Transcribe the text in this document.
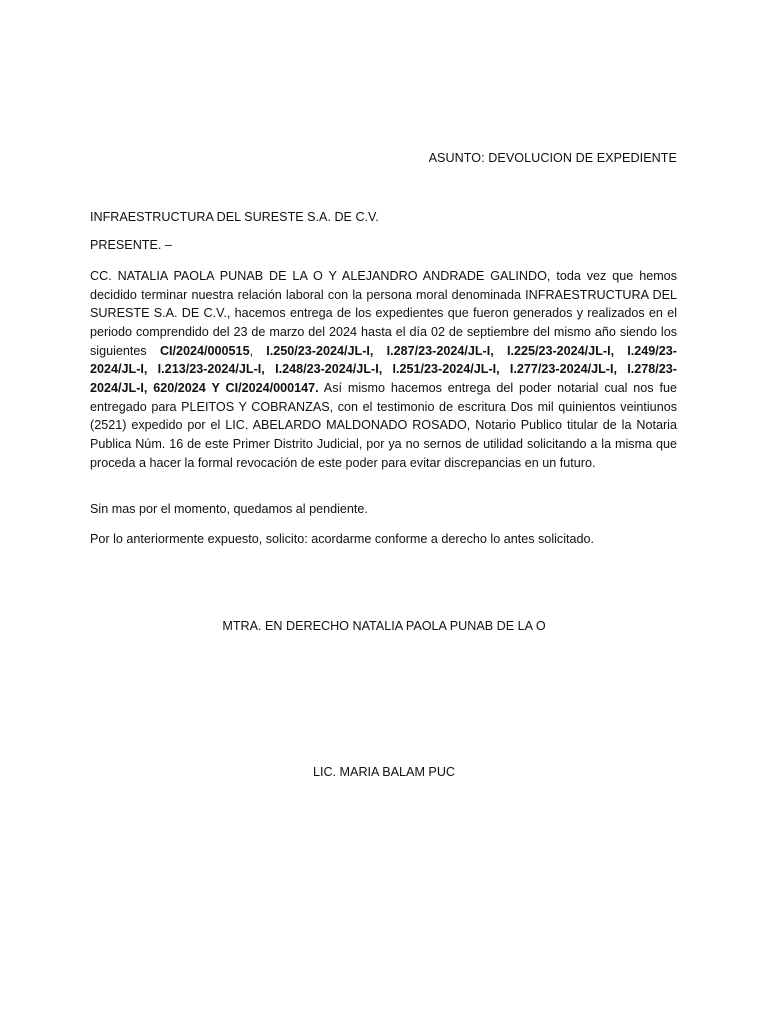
ASUNTO: DEVOLUCION DE EXPEDIENTE
INFRAESTRUCTURA DEL SURESTE S.A. DE C.V.
PRESENTE. –
CC. NATALIA PAOLA PUNAB DE LA O Y ALEJANDRO ANDRADE GALINDO, toda vez que hemos decidido terminar nuestra relación laboral con la persona moral denominada INFRAESTRUCTURA DEL SURESTE S.A. DE C.V., hacemos entrega de los expedientes que fueron generados y realizados en el periodo comprendido del 23 de marzo del 2024 hasta el día 02 de septiembre del mismo año siendo los siguientes CI/2024/000515, I.250/23-2024/JL-I, I.287/23-2024/JL-I, I.225/23-2024/JL-I, I.249/23-2024/JL-I, I.213/23-2024/JL-I, I.248/23-2024/JL-I, I.251/23-2024/JL-I, I.277/23-2024/JL-I, I.278/23-2024/JL-I, 620/2024 Y CI/2024/000147. Así mismo hacemos entrega del poder notarial cual nos fue entregado para PLEITOS Y COBRANZAS, con el testimonio de escritura Dos mil quinientos veintiunos (2521) expedido por el LIC. ABELARDO MALDONADO ROSADO, Notario Publico titular de la Notaria Publica Núm. 16 de este Primer Distrito Judicial, por ya no sernos de utilidad solicitando a la misma que proceda a hacer la formal revocación de este poder para evitar discrepancias en un futuro.
Sin mas por el momento, quedamos al pendiente.
Por lo anteriormente expuesto, solicito: acordarme conforme a derecho lo antes solicitado.
MTRA. EN DERECHO NATALIA PAOLA PUNAB DE LA O
LIC. MARIA BALAM PUC
